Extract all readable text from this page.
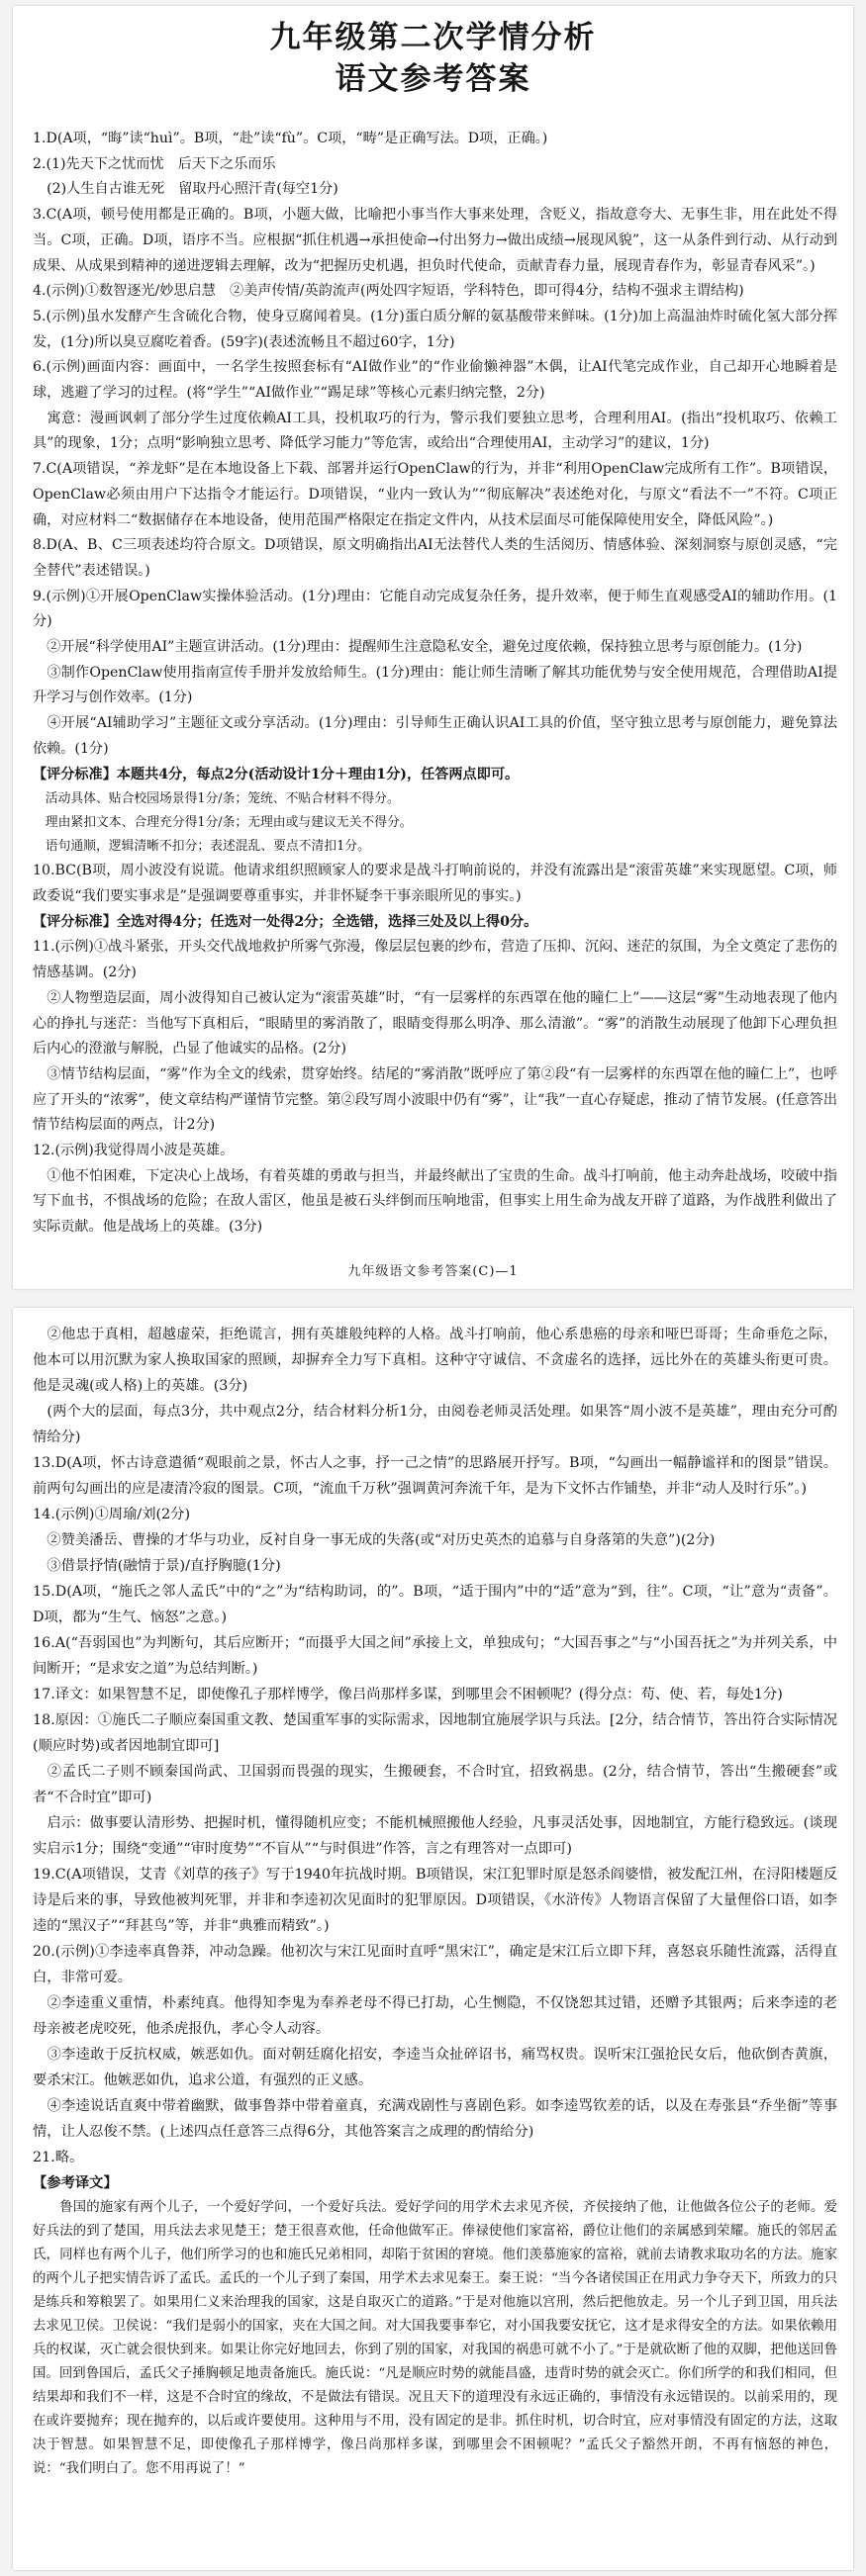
九年级第二次学情分析
语文参考答案

1.D(A项，“晦”读“huì”。B项，“赴”读“fù”。C项，“畴”是正确写法。D项，正确。)

2.(1)先天下之忧而忧　后天下之乐而乐

　(2)人生自古谁无死　留取丹心照汗青(每空1分)

3.C(A项，顿号使用都是正确的。B项，小题大做，比喻把小事当作大事来处理，含贬义，指故意夸大、无事生非，用在此处不得当。C项，正确。D项，语序不当。应根据“抓住机遇→承担使命→付出努力→做出成绩→展现风貌”，这一从条件到行动、从行动到成果、从成果到精神的递进逻辑去理解，改为“把握历史机遇，担负时代使命，贡献青春力量，展现青春作为，彰显青春风采”。)

4.(示例)①数智逐光/妙思启慧　②美声传情/英韵流声(两处四字短语，学科特色，即可得4分，结构不强求主谓结构)

5.(示例)虽水发酵产生含硫化合物，使身豆腐闻着臭。(1分)蛋白质分解的氨基酸带来鲜味。(1分)加上高温油炸时硫化氢大部分挥发，(1分)所以臭豆腐吃着香。(59字)(表述流畅且不超过60字，1分)

6.(示例)画面内容：画面中，一名学生按照套标有“AI做作业”的“作业偷懒神器”木偶，让AI代笔完成作业，自己却开心地瞬着是球，逃避了学习的过程。(将“学生”“AI做作业”“踢足球”等核心元素归纳完整，2分)

　寓意：漫画讽刺了部分学生过度依赖AI工具，投机取巧的行为，警示我们要独立思考，合理利用AI。(指出“投机取巧、依赖工具”的现象，1分；点明“影响独立思考、降低学习能力”等危害，或给出“合理使用AI，主动学习”的建议，1分)

7.C(A项错误，“养龙虾”是在本地设备上下载、部署并运行OpenClaw的行为，并非“利用OpenClaw完成所有工作”。B项错误，OpenClaw必须由用户下达指令才能运行。D项错误，“业内一致认为”“彻底解决”表述绝对化，与原文“看法不一”不符。C项正确，对应材料二“数据储存在本地设备，使用范围严格限定在指定文件内，从技术层面尽可能保障使用安全，降低风险”。)

8.D(A、B、C三项表述均符合原文。D项错误，原文明确指出AI无法替代人类的生活阅历、情感体验、深刻洞察与原创灵感，“完全替代”表述错误。)

9.(示例)①开展OpenClaw实操体验活动。(1分)理由：它能自动完成复杂任务，提升效率，便于师生直观感受AI的辅助作用。(1分)

　②开展“科学使用AI”主题宣讲活动。(1分)理由：提醒师生注意隐私安全，避免过度依赖，保持独立思考与原创能力。(1分)

　③制作OpenClaw使用指南宣传手册并发放给师生。(1分)理由：能让师生清晰了解其功能优势与安全使用规范，合理借助AI提升学习与创作效率。(1分)

　④开展“AI辅助学习”主题征文或分享活动。(1分)理由：引导师生正确认识AI工具的价值，坚守独立思考与原创能力，避免算法依赖。(1分)

【评分标准】本题共4分，每点2分(活动设计1分＋理由1分)，任答两点即可。

　活动具体、贴合校园场景得1分/条；笼统、不贴合材料不得分。

　理由紧扣文本、合理充分得1分/条；无理由或与建议无关不得分。

　语句通顺，逻辑清晰不扣分；表述混乱、要点不清扣1分。

10.BC(B项，周小波没有说谎。他请求组织照顾家人的要求是战斗打响前说的，并没有流露出是“滚雷英雄”来实现愿望。C项，师政委说“我们要实事求是”是强调要尊重事实，并非怀疑李干事亲眼所见的事实。)

【评分标准】全选对得4分；任选对一处得2分；全选错，选择三处及以上得0分。

11.(示例)①战斗紧张，开头交代战地救护所雾气弥漫，像层层包裹的纱布，营造了压抑、沉闷、迷茫的氛围，为全文奠定了悲伤的情感基调。(2分)

　②人物塑造层面，周小波得知自己被认定为“滚雷英雄”时，“有一层雾样的东西罩在他的瞳仁上”——这层“雾”生动地表现了他内心的挣扎与迷茫：当他写下真相后，“眼睛里的雾消散了，眼睛变得那么明净、那么清澈”。“雾”的消散生动展现了他卸下心理负担后内心的澄澈与解脱，凸显了他诚实的品格。(2分)

　③情节结构层面，“雾”作为全文的线索，贯穿始终。结尾的“雾消散”既呼应了第②段“有一层雾样的东西罩在他的瞳仁上”，也呼应了开头的“浓雾”，使文章结构严谨情节完整。第②段写周小波眼中仍有“雾”，让“我”一直心存疑虑，推动了情节发展。(任意答出情节结构层面的两点，计2分)

12.(示例)我觉得周小波是英雄。

　①他不怕困难，下定决心上战场，有着英雄的勇敢与担当，并最终献出了宝贵的生命。战斗打响前，他主动奔赴战场，咬破中指写下血书，不惧战场的危险；在敌人雷区，他虽是被石头绊倒而压响地雷，但事实上用生命为战友开辟了道路，为作战胜利做出了实际贡献。他是战场上的英雄。(3分)

九年级语文参考答案(C)—1

　②他忠于真相，超越虚荣，拒绝谎言，拥有英雄般纯粹的人格。战斗打响前，他心系患癌的母亲和哑巴哥哥；生命垂危之际，他本可以用沉默为家人换取国家的照顾，却摒弃全力写下真相。这种守守诚信、不贪虚名的选择，远比外在的英雄头衔更可贵。他是灵魂(或人格)上的英雄。(3分)

　(两个大的层面，每点3分，共中观点2分，结合材料分析1分，由阅卷老师灵活处理。如果答“周小波不是英雄”，理由充分可酌情给分)

13.D(A项，怀古诗意遣循“观眼前之景，怀古人之事，抒一己之情”的思路展开抒写。B项，“勾画出一幅静谧祥和的图景”错误。前两句勾画出的应是凄清冷寂的图景。C项，“流血千万秋”强调黄河奔流千年，是为下文怀古作铺垫，并非“动人及时行乐”。)

14.(示例)①周瑜/刘(2分)

　②赞美潘岳、曹操的才华与功业，反衬自身一事无成的失落(或“对历史英杰的追慕与自身落第的失意”)(2分)

　③借景抒情(融情于景)/直抒胸臆(1分)

15.D(A项，“施氏之邻人孟氏”中的“之”为“结构助词，的”。B项，“适于围内”中的“适”意为“到，往”。C项，“让”意为“责备”。D项，都为“生气、恼怒”之意。)

16.A(“吾弱国也”为判断句，其后应断开；“而摄乎大国之间”承接上文，单独成句；“大国吾事之”与“小国吾抚之”为并列关系，中间断开；“是求安之道”为总结判断。)

17.译文：如果智慧不足，即使像孔子那样博学，像吕尚那样多谋，到哪里会不困顿呢？(得分点：苟、使、若，每处1分)

18.原因：①施氏二子顺应秦国重文教、楚国重军事的实际需求，因地制宜施展学识与兵法。[2分，结合情节，答出符合实际情况(顺应时势)或者因地制宜即可]

　②孟氏二子则不顾秦国尚武、卫国弱而畏强的现实，生搬硬套，不合时宜，招致祸患。(2分，结合情节，答出“生搬硬套”或者“不合时宜”即可)

　启示：做事要认清形势、把握时机，懂得随机应变；不能机械照搬他人经验，凡事灵活处事，因地制宜，方能行稳致远。(谈现实启示1分；围绕“变通”“审时度势”“不盲从”“与时俱进”作答，言之有理答对一点即可)

19.C(A项错误，艾青《刘草的孩子》写于1940年抗战时期。B项错误，宋江犯罪时原是怒杀阎婆惜，被发配江州，在浔阳楼题反诗是后来的事，导致他被判死罪，并非和李逵初次见面时的犯罪原因。D项错误，《水浒传》人物语言保留了大量俚俗口语，如李逵的“黑汉子”“拜甚鸟”等，并非“典雅而精致”。)

20.(示例)①李逵率真鲁莽，冲动急躁。他初次与宋江见面时直呼“黑宋江”，确定是宋江后立即下拜，喜怒哀乐随性流露，活得直白，非常可爱。

　②李逵重义重情，朴素纯真。他得知李鬼为奉养老母不得已打劫，心生恻隐，不仅饶恕其过错，还赠予其银两；后来李逵的老母亲被老虎咬死，他杀虎报仇，孝心令人动容。

　③李逵敢于反抗权威，嫉恶如仇。面对朝廷腐化招安，李逵当众扯碎诏书，痛骂权贵。误听宋江强抢民女后，他砍倒杏黄旗，要杀宋江。他嫉恶如仇，追求公道，有强烈的正义感。

　④李逵说话直爽中带着幽默，做事鲁莽中带着童真，充满戏剧性与喜剧色彩。如李逵骂钦差的话，以及在寿张县“乔坐衙”等事情，让人忍俊不禁。(上述四点任意答三点得6分，其他答案言之成理的酌情给分)

21.略。

【参考译文】

　　鲁国的施家有两个儿子，一个爱好学问，一个爱好兵法。爱好学问的用学术去求见齐侯，齐侯接纳了他，让他做各位公子的老师。爱好兵法的到了楚国，用兵法去求见楚王；楚王很喜欢他，任命他做军正。俸禄使他们家富裕，爵位让他们的亲属感到荣耀。施氏的邻居孟氏，同样也有两个儿子，他们所学习的也和施氏兄弟相同，却陷于贫困的窘境。他们羡慕施家的富裕，就前去请教求取功名的方法。施家的两个儿子把实情告诉了孟氏。孟氏的一个儿子到了秦国，用学术去求见秦王。秦王说：“当今各诸侯国正在用武力争夺天下，所致力的只是练兵和筹粮罢了。如果用仁义来治理我的国家，这是自取灭亡的道路。”于是对他施以宫刑，然后把他放走。另一个儿子到卫国，用兵法去求见卫侯。卫侯说：“我们是弱小的国家，夹在大国之间。对大国我要事奉它，对小国我要安抚它，这才是求得安全的方法。如果依赖用兵的权谋，灭亡就会很快到来。如果让你完好地回去，你到了别的国家，对我国的祸患可就不小了。”于是就砍断了他的双脚，把他送回鲁国。回到鲁国后，孟氏父子捶胸顿足地责备施氏。施氏说：“凡是顺应时势的就能昌盛，违背时势的就会灭亡。你们所学的和我们相同，但结果却和我们不一样，这是不合时宜的缘故，不是做法有错误。况且天下的道理没有永远正确的，事情没有永远错误的。以前采用的，现在或许要抛弃；现在抛弃的，以后或许要使用。这种用与不用，没有固定的是非。抓住时机，切合时宜，应对事情没有固定的方法，这取决于智慧。如果智慧不足，即使像孔子那样博学，像吕尚那样多谋，到哪里会不困顿呢？”孟氏父子豁然开朗，不再有恼怒的神色，说：“我们明白了。您不用再说了！”
